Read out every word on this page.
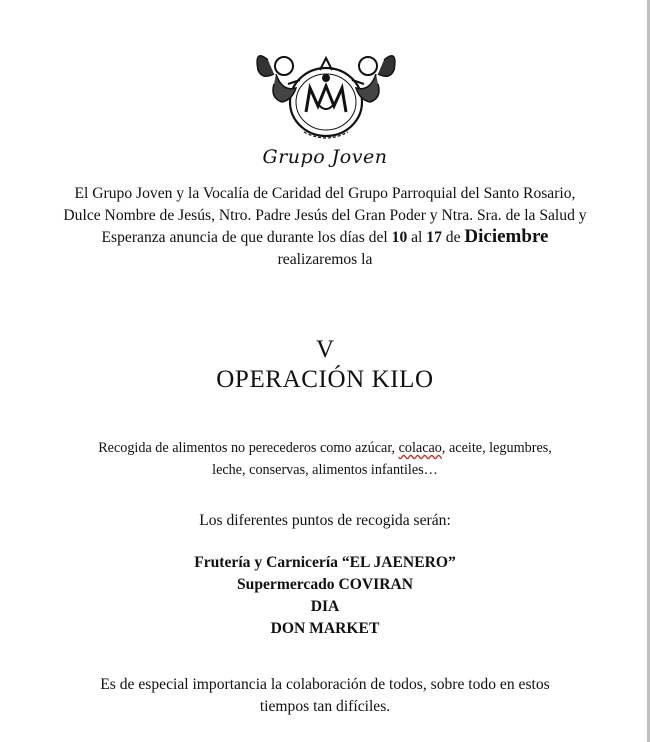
Grupo Joven
El Grupo Joven y la Vocalía de Caridad del Grupo Parroquial del Santo Rosario, Dulce Nombre de Jesús, Ntro. Padre Jesús del Gran Poder y Ntra. Sra. de la Salud y Esperanza anuncia de que durante los días del 10 al 17 de Diciembre realizaremos la
V
OPERACIÓN KILO
Recogida de alimentos no perecederos como azúcar, colacao, aceite, legumbres, leche, conservas, alimentos infantiles…
Los diferentes puntos de recogida serán:
Frutería y Carnicería “EL JAENERO”
Supermercado COVIRAN
DIA
DON MARKET
Es de especial importancia la colaboración de todos, sobre todo en estos tiempos tan difíciles.
